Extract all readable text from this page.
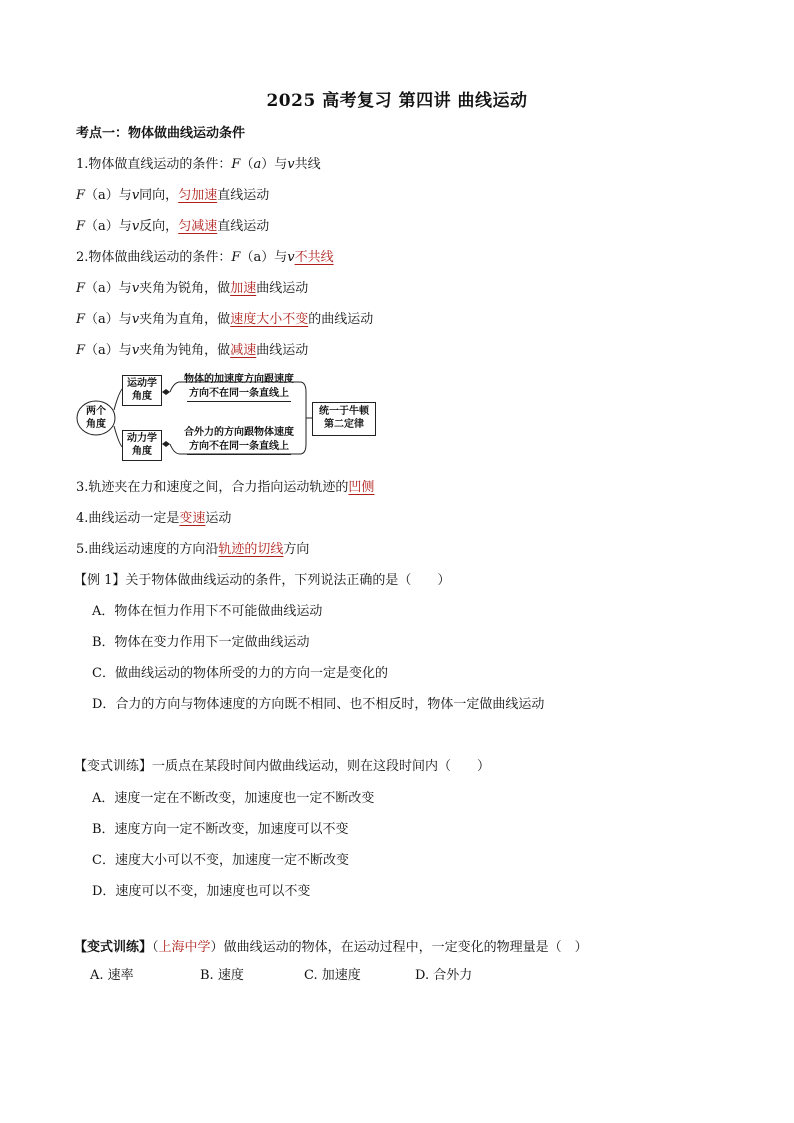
2025 高考复习 第四讲 曲线运动
考点一：物体做曲线运动条件
1.物体做直线运动的条件：F（a）与v共线
F（a）与v同向，匀加速直线运动
F（a）与v反向，匀减速直线运动
2.物体做曲线运动的条件：F（a）与v不共线
F（a）与v夹角为锐角，做加速曲线运动
F（a）与v夹角为直角，做速度大小不变的曲线运动
F（a）与v夹角为钝角，做减速曲线运动
两个
角度
运动学
角度
动力学
角度
物体的加速度方向跟速度
方向不在同一条直线上
合外力的方向跟物体速度
方向不在同一条直线上
统一于牛顿
第二定律
3.轨迹夹在力和速度之间，合力指向运动轨迹的凹侧
4.曲线运动一定是变速运动
5.曲线运动速度的方向沿轨迹的切线方向
【例 1】关于物体做曲线运动的条件，下列说法正确的是（　　）
A．物体在恒力作用下不可能做曲线运动
B．物体在变力作用下一定做曲线运动
C．做曲线运动的物体所受的力的方向一定是变化的
D．合力的方向与物体速度的方向既不相同、也不相反时，物体一定做曲线运动
【变式训练】一质点在某段时间内做曲线运动，则在这段时间内（　　）
A．速度一定在不断改变，加速度也一定不断改变
B．速度方向一定不断改变，加速度可以不变
C．速度大小可以不变，加速度一定不断改变
D．速度可以不变，加速度也可以不变
【变式训练】（上海中学）做曲线运动的物体，在运动过程中，一定变化的物理量是（　）
A. 速率	B. 速度	C. 加速度	D. 合外力
